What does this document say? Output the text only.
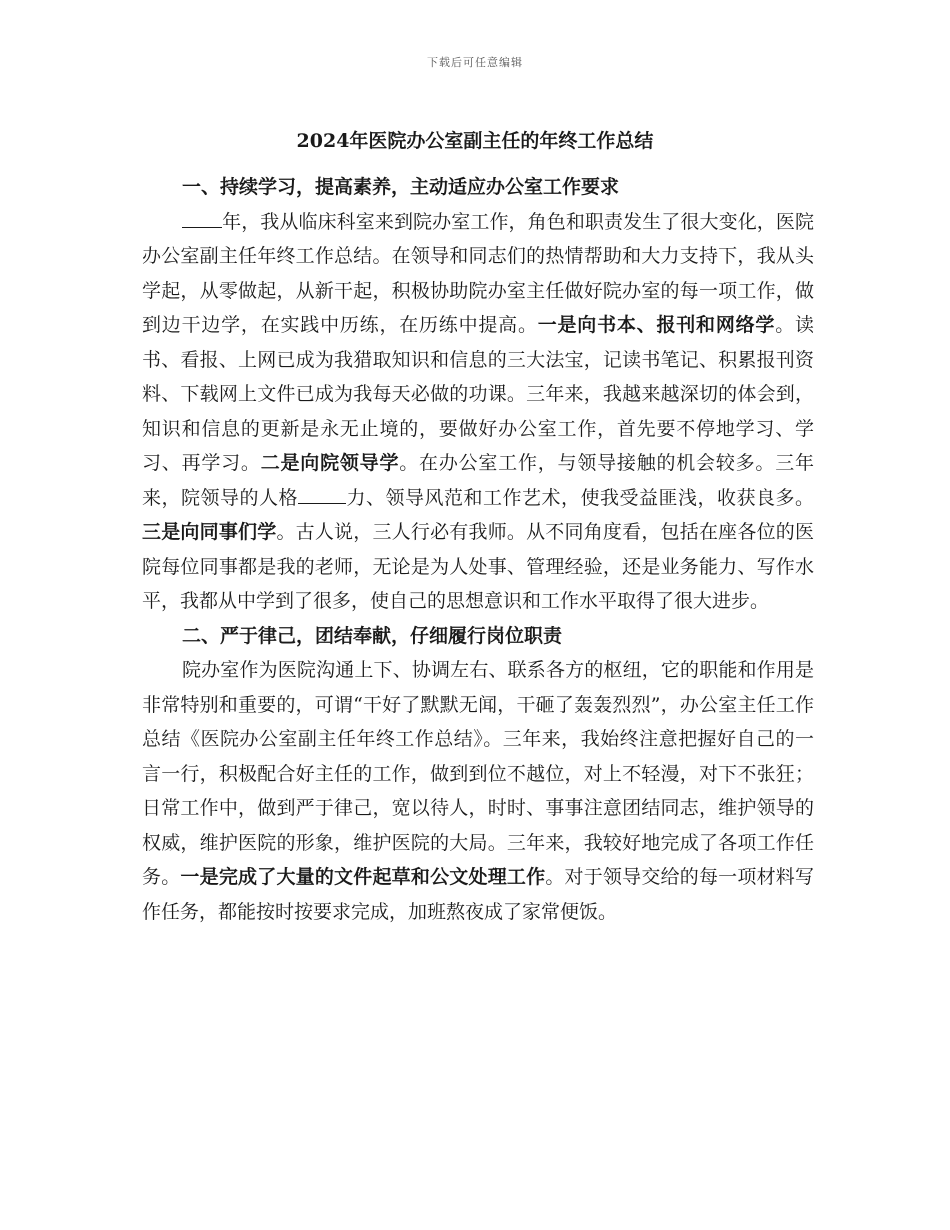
下载后可任意编辑
2024年医院办公室副主任的年终工作总结
一、持续学习，提高素养，主动适应办公室工作要求

年，我从临床科室来到院办室工作，角色和职责发生了很大变化，医院办公室副主任年终工作总结。在领导和同志们的热情帮助和大力支持下，我从头学起，从零做起，从新干起，积极协助院办室主任做好院办室的每一项工作，做到边干边学，在实践中历练，在历练中提高。一是向书本、报刊和网络学。读书、看报、上网已成为我猎取知识和信息的三大法宝，记读书笔记、积累报刊资料、下载网上文件已成为我每天必做的功课。三年来，我越来越深切的体会到，知识和信息的更新是永无止境的，要做好办公室工作，首先要不停地学习、学习、再学习。二是向院领导学。在办公室工作，与领导接触的机会较多。三年来，院领导的人格	力、领导风范和工作艺术，使我受益匪浅，收获良多。三是向同事们学。古人说，三人行必有我师。从不同角度看，包括在座各位的医院每位同事都是我的老师，无论是为人处事、管理经验，还是业务能力、写作水平，我都从中学到了很多，使自己的思想意识和工作水平取得了很大进步。

二、严于律己，团结奉献，仔细履行岗位职责

院办室作为医院沟通上下、协调左右、联系各方的枢纽，它的职能和作用是非常特别和重要的，可谓“干好了默默无闻，干砸了轰轰烈烈”，办公室主任工作总结《医院办公室副主任年终工作总结》。三年来，我始终注意把握好自己的一言一行，积极配合好主任的工作，做到到位不越位，对上不轻漫，对下不张狂；日常工作中，做到严于律己，宽以待人，时时、事事注意团结同志，维护领导的权威，维护医院的形象，维护医院的大局。三年来，我较好地完成了各项工作任务。一是完成了大量的文件起草和公文处理工作。对于领导交给的每一项材料写作任务，都能按时按要求完成，加班熬夜成了家常便饭。
